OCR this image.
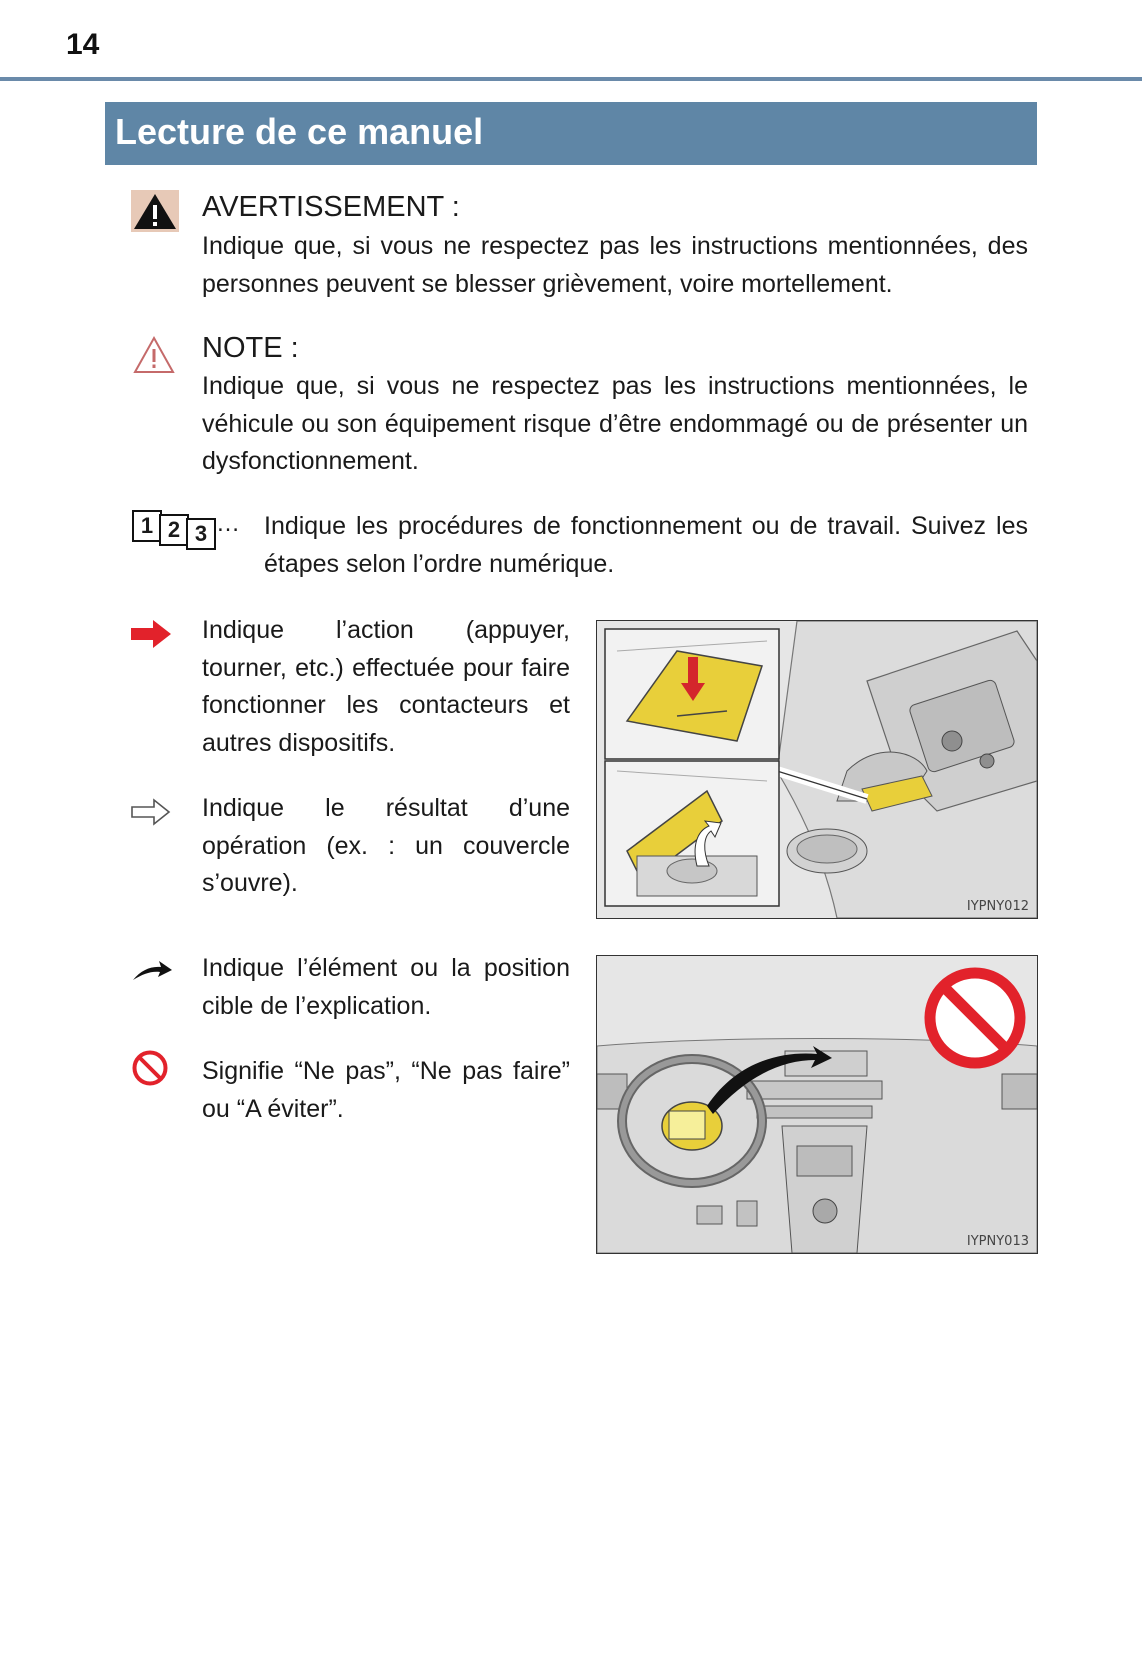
14
Lecture de ce manuel
AVERTISSEMENT :
Indique que, si vous ne respectez pas les instructions mentionnées, des personnes peuvent se blesser grièvement, voire mortellement.
NOTE :
Indique que, si vous ne respectez pas les instructions mentionnées, le véhicule ou son équipement risque d’être endommagé ou de présenter un dysfonctionnement.
1 2 3 … Indique les procédures de fonctionnement ou de travail. Suivez les étapes selon l’ordre numérique.
Indique l’action (appuyer, tourner, etc.) effectuée pour faire fonctionner les contacteurs et autres dispositifs.
Indique le résultat d’une opération (ex. : un couvercle s’ouvre).
IYPNY012
Indique l’élément ou la position cible de l’explication.
Signifie “Ne pas”, “Ne pas faire” ou “A éviter”.
IYPNY013
